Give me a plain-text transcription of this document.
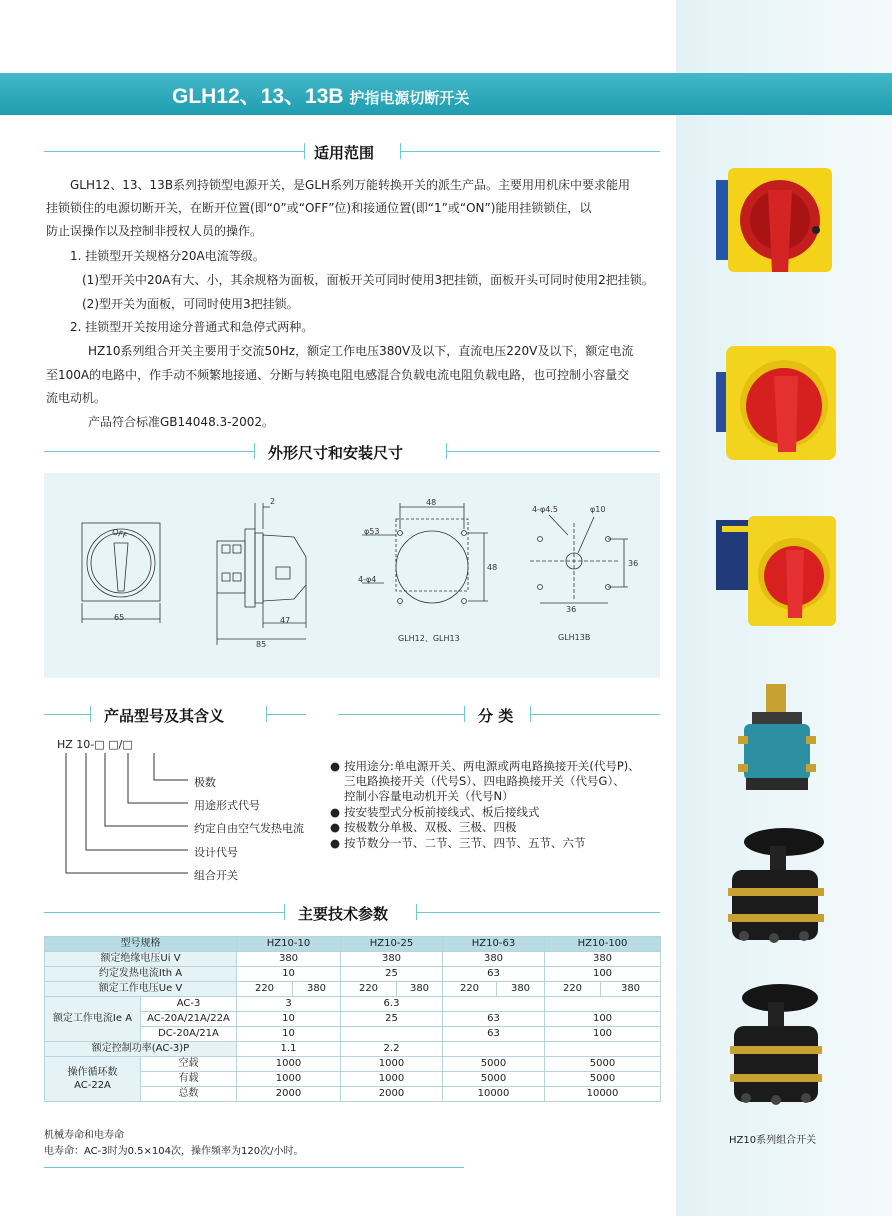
GLH12、13、13B 护指电源切断开关
适用范围
GLH12、13、13B系列持锁型电源开关，是GLH系列万能转换开关的派生产品。主要用用机床中要求能用
挂锁锁住的电源切断开关，在断开位置(即“0”或“OFF”位)和接通位置(即“1”或“ON”)能用挂锁锁住，以
防止误操作以及控制非授权人员的操作。
1. 挂锁型开关规格分20A电流等级。
(1)型开关中20A有大、小，其余规格为面板，面板开关可同时使用3把挂锁，面板开头可同时使用2把挂锁。
(2)型开关为面板，可同时使用3把挂锁。
2. 挂锁型开关按用途分普通式和急停式两种。
HZ10系列组合开关主要用于交流50Hz，额定工作电压380V及以下，直流电压220V及以下，额定电流
至100A的电路中，作手动不频繁地接通、分断与转换电阻电感混合负载电流电阻负载电路，也可控制小容量交
流电动机。
产品符合标准GB14048.3-2002。
外形尺寸和安装尺寸
OFF
65
2
47
85
48
φ53
4-φ4
48
GLH12、GLH13
4-φ4.5	φ10
36
36
GLH13B
产品型号及其含义	分 类
HZ 10-□ □/□
极数
用途形式代号
约定自由空气发热电流
设计代号
组合开关
● 按用途分:单电源开关、两电源或两电路换接开关(代号P)、
三电路换接开关（代号S）、四电路换接开关（代号G）、
控制小容量电动机开关（代号N）
● 按安装型式分板前接线式、板后接线式
● 按极数分单极、双极、三极、四极
● 按节数分一节、二节、三节、四节、五节、六节
主要技术参数
型号规格		HZ10-10		HZ10-25		HZ10-63		HZ10-100	
额定绝缘电压Ui V		380		380		380		380	
约定发热电流Ith A		10		25		63		100	
额定工作电压Ue V		220	380	220	380	220	380	220	380
额定工作电流Ie A	AC-3	3		6.3					
	AC-20A/21A/22A	10		25		63		100	
	DC-20A/21A	10				63		100	
额定控制功率(AC-3)P		1.1		2.2					
操作循环数
AC-22A	空载	1000		1000		5000		5000	
	有载	1000		1000		5000		5000	
	总数	2000		2000		10000		10000	
机械寿命和电寿命
电寿命：AC-3时为0.5×104次，操作频率为120次/小时。
HZ10系列组合开关
